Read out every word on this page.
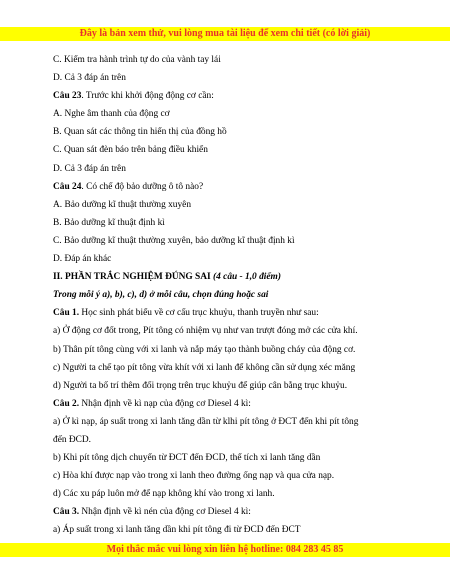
Đây là bản xem thử, vui lòng mua tài liệu để xem chi tiết (có lời giải)
C. Kiểm tra hành trình tự do của vành tay lái
D. Cả 3 đáp án trên
Câu 23. Trước khi khởi động động cơ cần:
A. Nghe âm thanh của động cơ
B. Quan sát các thông tin hiển thị của đồng hồ
C. Quan sát đèn báo trên bảng điều khiển
D. Cả 3 đáp án trên
Câu 24. Có chế độ bảo dưỡng ô tô nào?
A. Bảo dưỡng kĩ thuật thường xuyên
B. Bảo dưỡng kĩ thuật định kì
C. Bảo dưỡng kĩ thuật thường xuyên, bảo dưỡng kĩ thuật định kì
D. Đáp án khác
II. PHẦN TRẮC NGHIỆM ĐÚNG SAI (4 câu - 1,0 điểm)
Trong mỗi ý a), b), c), d) ở mỗi câu, chọn đúng hoặc sai
Câu 1. Học sinh phát biểu về cơ cấu trục khuỷu, thanh truyền như sau:
a) Ở động cơ đốt trong, Pít tông có nhiệm vụ như van trượt đóng mở các cửa khí.
b) Thân pít tông cùng với xi lanh và nắp máy tạo thành buồng cháy của động cơ.
c) Người ta chế tạo pít tông vừa khít với xi lanh để không cần sử dụng xéc măng
d) Người ta bố trí thêm đối trọng trên trục khuỷu để giúp cân bằng trục khuỷu.
Câu 2. Nhận định về kì nạp của động cơ Diesel 4 kì:
a) Ở kì nạp, áp suất trong xi lanh tăng dần từ klhi pít tông ở ĐCT đến khi pít tông
đến ĐCD.
b) Khi pít tông dịch chuyển từ ĐCT đến ĐCD, thể tích xi lanh tăng dần
c) Hòa khí được nạp vào trong xi lanh theo đường ống nạp và qua cửa nạp.
d) Các xu páp luôn mở để nạp không khí vào trong xi lanh.
Câu 3. Nhận định về kì nén của động cơ Diesel 4 kì:
a) Áp suất trong xi lanh tăng dần khi pít tông đi từ ĐCD đến ĐCT
Mọi thắc mắc vui lòng xin liên hệ hotline: 084 283 45 85
